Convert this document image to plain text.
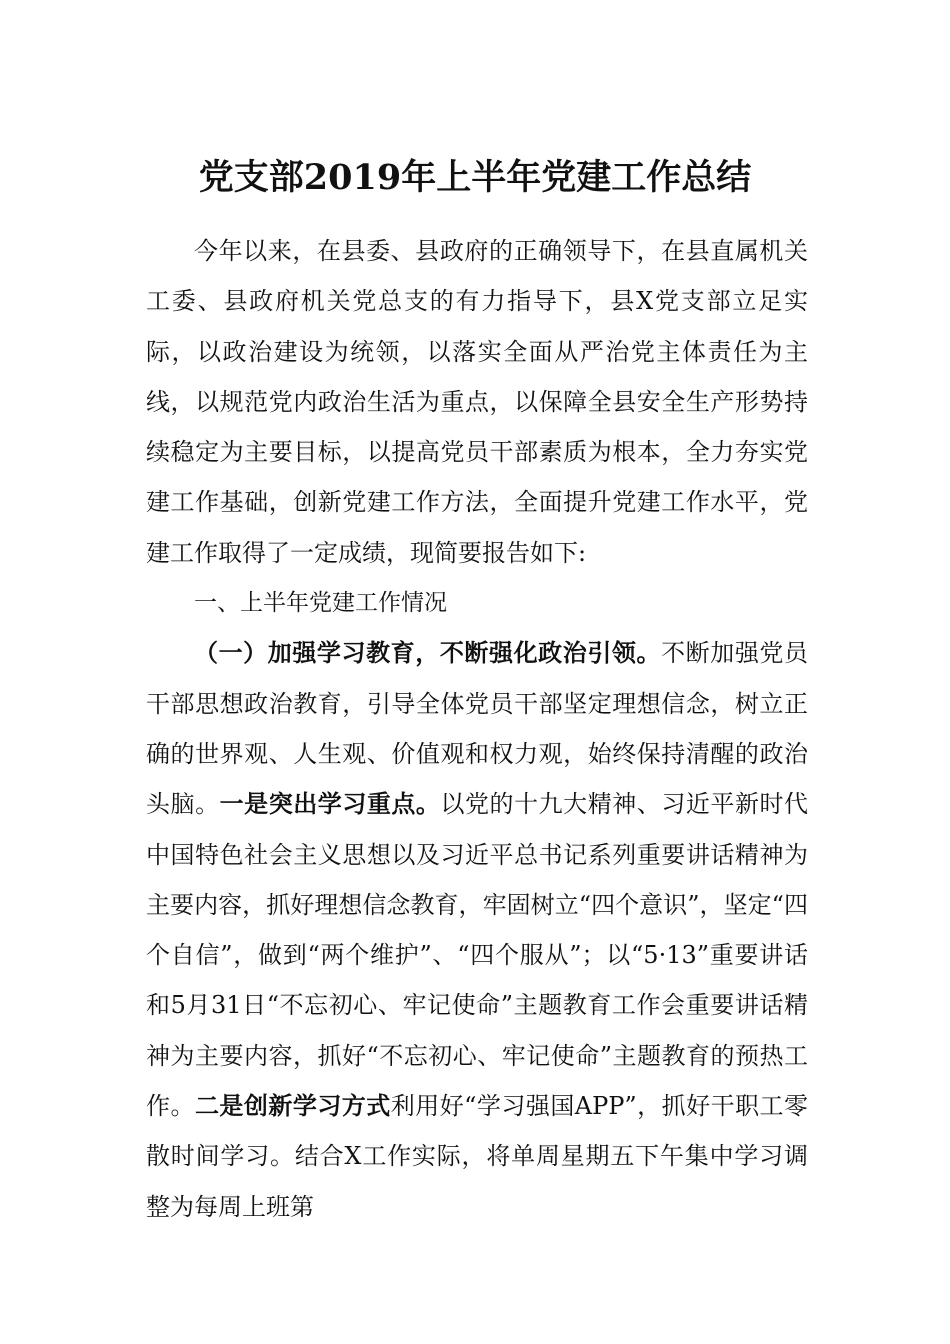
党支部2019年上半年党建工作总结

今年以来，在县委、县政府的正确领导下，在县直属机关工委、县政府机关党总支的有力指导下，县X党支部立足实际，以政治建设为统领，以落实全面从严治党主体责任为主线，以规范党内政治生活为重点，以保障全县安全生产形势持续稳定为主要目标，以提高党员干部素质为根本，全力夯实党建工作基础，创新党建工作方法，全面提升党建工作水平，党建工作取得了一定成绩，现简要报告如下:

一、上半年党建工作情况

（一）加强学习教育，不断强化政治引领。不断加强党员干部思想政治教育，引导全体党员干部坚定理想信念，树立正确的世界观、人生观、价值观和权力观，始终保持清醒的政治头脑。一是突出学习重点。以党的十九大精神、习近平新时代中国特色社会主义思想以及习近平总书记系列重要讲话精神为主要内容，抓好理想信念教育，牢固树立“四个意识”，坚定“四个自信”，做到“两个维护”、“四个服从”；以“5·13”重要讲话和5月31日“不忘初心、牢记使命”主题教育工作会重要讲话精神为主要内容，抓好“不忘初心、牢记使命”主题教育的预热工作。二是创新学习方式利用好“学习强国APP”，抓好干职工零散时间学习。结合X工作实际，将单周星期五下午集中学习调整为每周上班第
